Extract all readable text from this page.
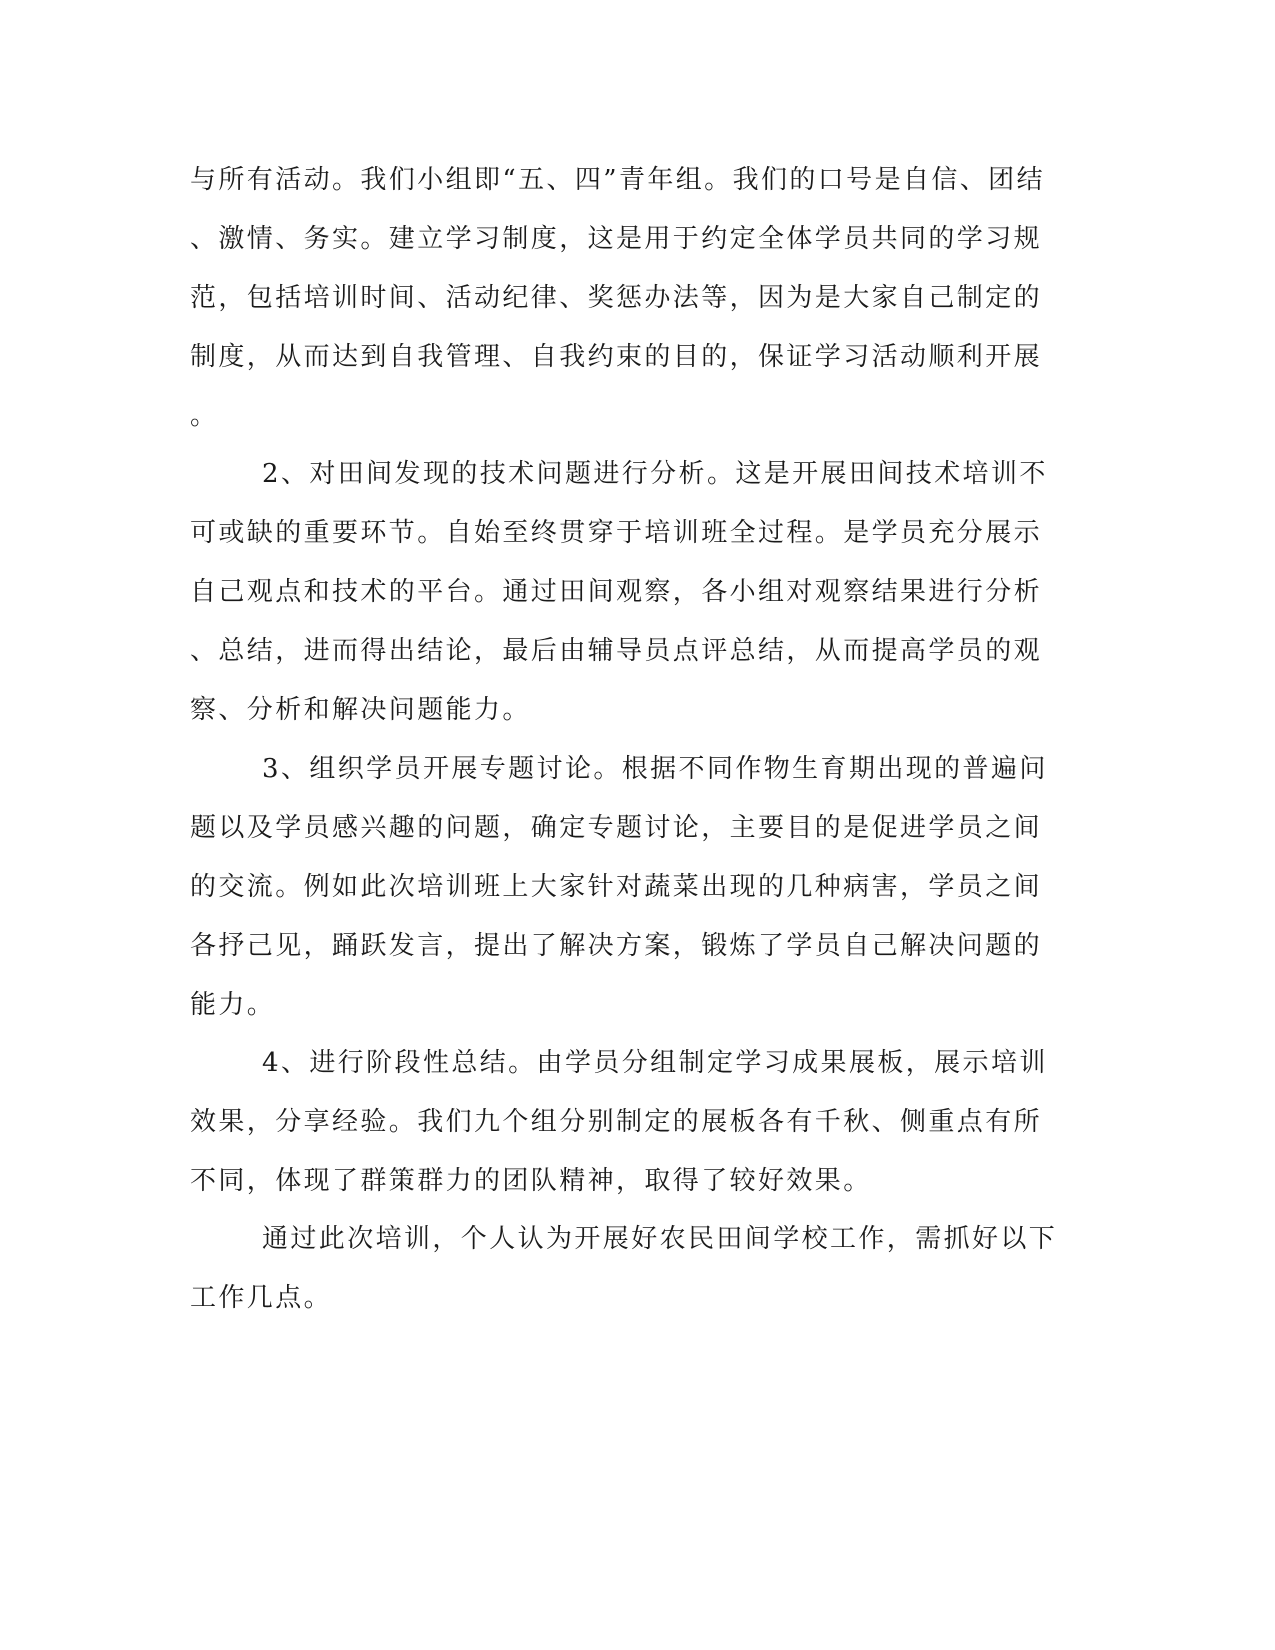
与所有活动。我们小组即“五、四”青年组。我们的口号是自信、团结

、激情、务实。建立学习制度，这是用于约定全体学员共同的学习规

范，包括培训时间、活动纪律、奖惩办法等，因为是大家自己制定的

制度，从而达到自我管理、自我约束的目的，保证学习活动顺利开展

。

2、对田间发现的技术问题进行分析。这是开展田间技术培训不

可或缺的重要环节。自始至终贯穿于培训班全过程。是学员充分展示

自己观点和技术的平台。通过田间观察，各小组对观察结果进行分析

、总结，进而得出结论，最后由辅导员点评总结，从而提高学员的观

察、分析和解决问题能力。

3、组织学员开展专题讨论。根据不同作物生育期出现的普遍问

题以及学员感兴趣的问题，确定专题讨论，主要目的是促进学员之间

的交流。例如此次培训班上大家针对蔬菜出现的几种病害，学员之间

各抒己见，踊跃发言，提出了解决方案，锻炼了学员自己解决问题的

能力。

4、进行阶段性总结。由学员分组制定学习成果展板，展示培训

效果，分享经验。我们九个组分别制定的展板各有千秋、侧重点有所

不同，体现了群策群力的团队精神，取得了较好效果。

通过此次培训，个人认为开展好农民田间学校工作，需抓好以下

工作几点。
